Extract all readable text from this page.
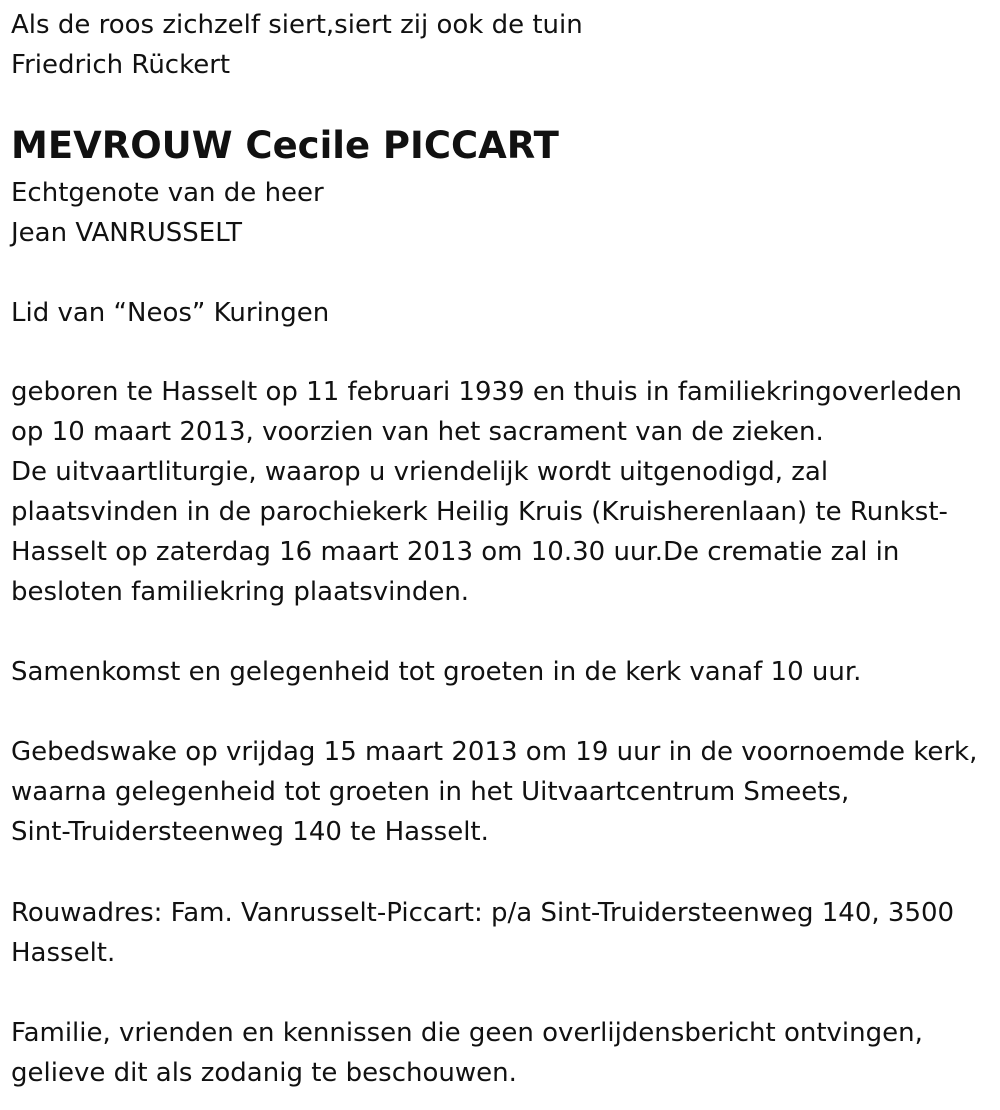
Als de roos zichzelf siert,siert zij ook de tuin
Friedrich Rückert
MEVROUW Cecile PICCART
Echtgenote van de heer
Jean VANRUSSELT
Lid van “Neos” Kuringen
geboren te Hasselt op 11 februari 1939 en thuis in familiekringoverleden
op 10 maart 2013, voorzien van het sacrament van de zieken.
De uitvaartliturgie, waarop u vriendelijk wordt uitgenodigd, zal
plaatsvinden in de parochiekerk Heilig Kruis (Kruisherenlaan) te Runkst-
Hasselt op zaterdag 16 maart 2013 om 10.30 uur.De crematie zal in
besloten familiekring plaatsvinden.
Samenkomst en gelegenheid tot groeten in de kerk vanaf 10 uur.
Gebedswake op vrijdag 15 maart 2013 om 19 uur in de voornoemde kerk,
waarna gelegenheid tot groeten in het Uitvaartcentrum Smeets,
Sint-Truidersteenweg 140 te Hasselt.
Rouwadres: Fam. Vanrusselt-Piccart: p/a Sint-Truidersteenweg 140, 3500
Hasselt.
Familie, vrienden en kennissen die geen overlijdensbericht ontvingen,
gelieve dit als zodanig te beschouwen.
